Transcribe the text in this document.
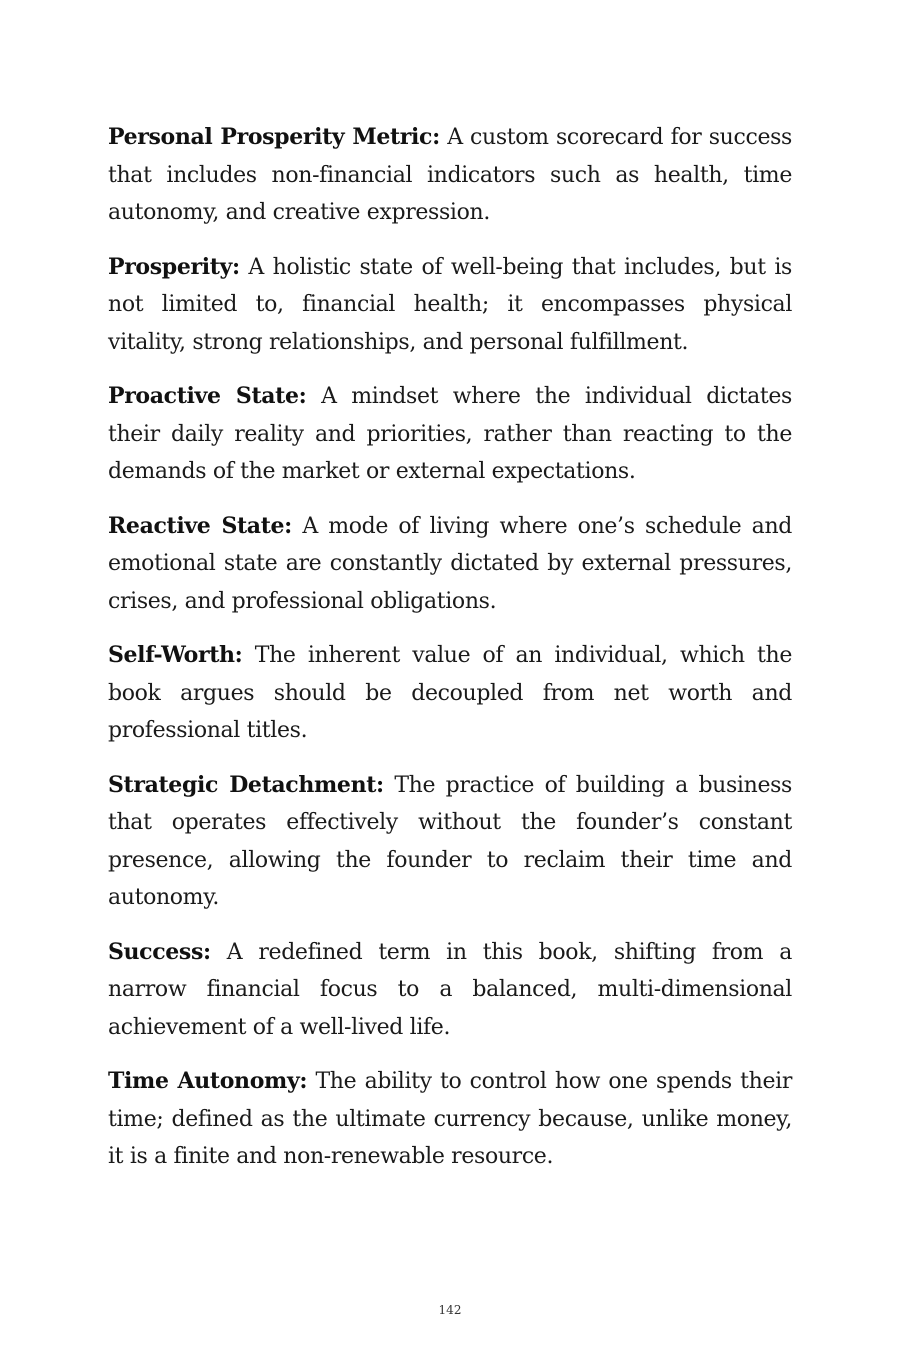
Personal Prosperity Metric: A custom scorecard for success that includes non-financial indicators such as health, time autonomy, and creative expression.

Prosperity: A holistic state of well-being that includes, but is not limited to, financial health; it encompasses physical vitality, strong relationships, and personal fulfillment.

Proactive State: A mindset where the individual dictates their daily reality and priorities, rather than reacting to the demands of the market or external expectations.

Reactive State: A mode of living where one’s schedule and emotional state are constantly dictated by external pressures, crises, and professional obligations.

Self-Worth: The inherent value of an individual, which the book argues should be decoupled from net worth and professional titles.

Strategic Detachment: The practice of building a business that operates effectively without the founder’s constant presence, allowing the founder to reclaim their time and autonomy.

Success: A redefined term in this book, shifting from a narrow financial focus to a balanced, multi-dimensional achievement of a well-lived life.

Time Autonomy: The ability to control how one spends their time; defined as the ultimate currency because, unlike money, it is a finite and non-renewable resource.

142
